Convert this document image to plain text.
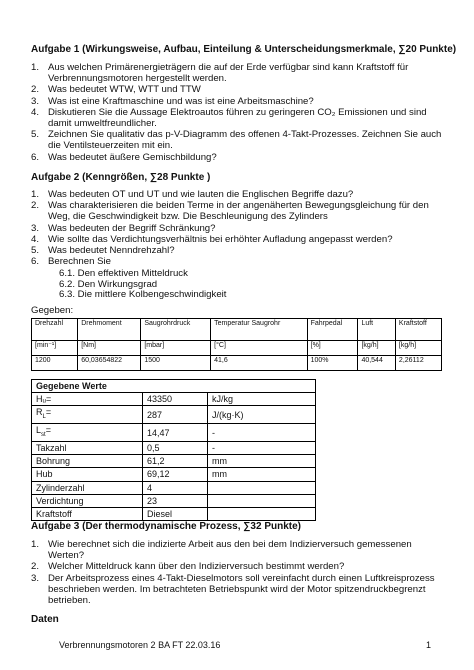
Aufgabe 1 (Wirkungsweise, Aufbau, Einteilung & Unterscheidungsmerkmale, ∑20 Punkte)
1. Aus welchen Primärenergieträgern die auf der Erde verfügbar sind kann Kraftstoff für Verbrennungsmotoren hergestellt werden.
2. Was bedeutet WTW, WTT und TTW
3. Was ist eine Kraftmaschine und was ist eine Arbeitsmaschine?
4. Diskutieren Sie die Aussage Elektroautos führen zu geringeren CO₂ Emissionen und sind damit umweltfreundlicher.
5. Zeichnen Sie qualitativ das p-V-Diagramm des offenen 4-Takt-Prozesses. Zeichnen Sie auch die Ventilsteuerzeiten mit ein.
6. Was bedeutet äußere Gemischbildung?
Aufgabe 2 (Kenngrößen, ∑28 Punkte )
1. Was bedeuten OT und UT und wie lauten die Englischen Begriffe dazu?
2. Was charakterisieren die beiden Terme in der angenäherten Bewegungsgleichung für den Weg, die Geschwindigkeit bzw. Die Beschleunigung des Zylinders
3. Was bedeuten der Begriff Schränkung?
4. Wie sollte das Verdichtungsverhältnis bei erhöhter Aufladung angepasst werden?
5. Was bedeutet Nenndrehzahl?
6. Berechnen Sie
6.1. Den effektiven Mitteldruck
6.2. Den Wirkungsgrad
6.3. Die mittlere Kolbengeschwindigkeit
Gegeben:
Drehzahl	Drehmoment	Saugrohrdruck	Temperatur Saugrohr	Fahrpedal	Luft	Kraftstoff
[min⁻¹]	[Nm]	[mbar]	[°C]	[%]	[kg/h]	[kg/h]
1200	60,03654822	1500	41,6	100%	40,544	2,26112
Gegebene Werte		
Hᵤ=	43350	kJ/kg
$R_L=$	287	J/(kg·K)
$L_{st}=$	14,47	-
Takzahl	0,5	-
Bohrung	61,2	mm
Hub	69,12	mm
Zylinderzahl	4	
Verdichtung	23	
Kraftstoff	Diesel	
Aufgabe 3 (Der thermodynamische Prozess, ∑32 Punkte)
1. Wie berechnet sich die indizierte Arbeit aus den bei dem Indizierversuch gemessenen Werten?
2. Welcher Mitteldruck kann über den Indizierversuch bestimmt werden?
3. Der Arbeitsprozess eines 4-Takt-Dieselmotors soll vereinfacht durch einen Luftkreisprozess beschrieben werden. Im betrachteten Betriebspunkt wird der Motor spitzendruckbegrenzt betrieben.
Daten
Verbrennungsmotoren 2 BA FT 22.03.16	1
